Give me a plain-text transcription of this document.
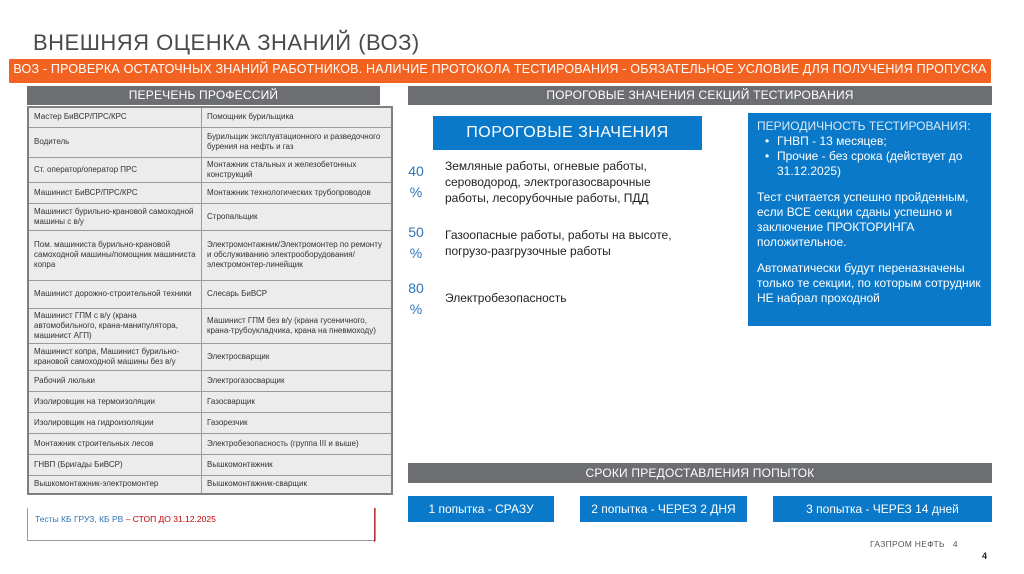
ВНЕШНЯЯ ОЦЕНКА ЗНАНИЙ (ВОЗ)
ВОЗ - ПРОВЕРКА ОСТАТОЧНЫХ ЗНАНИЙ РАБОТНИКОВ. НАЛИЧИЕ ПРОТОКОЛА ТЕСТИРОВАНИЯ - ОБЯЗАТЕЛЬНОЕ УСЛОВИЕ ДЛЯ ПОЛУЧЕНИЯ ПРОПУСКА
ПЕРЕЧЕНЬ ПРОФЕССИЙ	ПОРОГОВЫЕ ЗНАЧЕНИЯ СЕКЦИЙ ТЕСТИРОВАНИЯ
Мастер БиВСР/ПРС/КРС	Помощник бурильщика
Водитель	Бурильщик эксплуатационного и разведочного бурения на нефть и газ
Ст. оператор/оператор ПРС	Монтажник стальных и железобетонных конструкций
Машинист БиВСР/ПРС/КРС	Монтажник технологических трубопроводов
Машинист бурильно-крановой самоходной машины с в/у	Стропальщик
Пом. машиниста бурильно-крановой самоходной машины/помощник машиниста копра	Электромонтажник/Электромонтер по ремонту и обслуживанию электрооборудования/электромонтер-линейщик
Машинист дорожно-строительной техники	Слесарь БиВСР
Машинист ГПМ с в/у (крана автомобильного, крана-манипулятора, машинист АГП)	Машинист ГПМ без в/у (крана гусеничного, крана-трубоукладчика, крана на пневмоходу)
Машинист копра, Машинист бурильно-крановой самоходной машины без в/у	Электросварщик
Рабочий люльки	Электрогазосварщик
Изолировщик на термоизоляции	Газосварщик
Изолировщик на гидроизоляции	Газорезчик
Монтажник строительных лесов	Электробезопасность (группа III и выше)
ГНВП (Бригады БиВСР)	Вышкомонтажник
Вышкомонтажник-электромонтер	Вышкомонтажник-сварщик
Тесты КБ ГРУЗ, КБ РВ – СТОП ДО 31.12.2025
ПОРОГОВЫЕ ЗНАЧЕНИЯ
40
%
Земляные работы, огневые работы, сероводород, электрогазосварочные работы, лесорубочные работы, ПДД
50
%
Газоопасные работы, работы на высоте, погрузо-разгрузочные работы
80
%
Электробезопасность
ПЕРИОДИЧНОСТЬ ТЕСТИРОВАНИЯ:
• ГНВП - 13 месяцев;
• Прочие - без срока (действует до 31.12.2025)

Тест считается успешно пройденным, если ВСЕ секции сданы успешно и заключение ПРОКТОРИНГА положительное.

Автоматически будут переназначены только те секции, по которым сотрудник НЕ набрал проходной

СРОКИ ПРЕДОСТАВЛЕНИЯ ПОПЫТОК
1 попытка - СРАЗУ	2 попытка - ЧЕРЕЗ 2 ДНЯ	3 попытка - ЧЕРЕЗ 14 дней
ГАЗПРОМ НЕФТЬ 4
4
